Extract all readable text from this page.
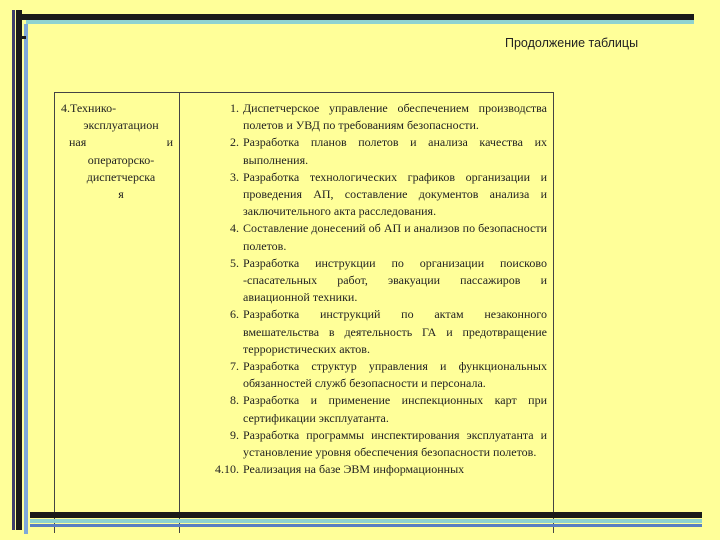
Продолжение таблицы
4.Технико-
эксплуатацион
ная	и
операторско-
диспетчерска
я
1. Диспетчерское управление обеспечением производства полетов и УВД по требованиям безопасности.
2. Разработка планов полетов и анализа качества их выполнения.
3. Разработка технологических графиков организации и проведения АП, составление документов анализа и заключительного акта расследования.
4. Составление донесений об АП и анализов по безопасности полетов.
5. Разработка инструкции по организации поисково -спасательных работ, эвакуации пассажиров и авиационной техники.
6. Разработка инструкций по актам незаконного вмешательства в деятельность ГА и предотвращение террористических актов.
7. Разработка структур управления и функциональных обязанностей служб безопасности и персонала.
8. Разработка и применение инспекционных карт при сертификации эксплуатанта.
9. Разработка программы инспектирования эксплуатанта и установление уровня обеспечения безопасности полетов.
4.10. Реализация на базе ЭВМ информационных
